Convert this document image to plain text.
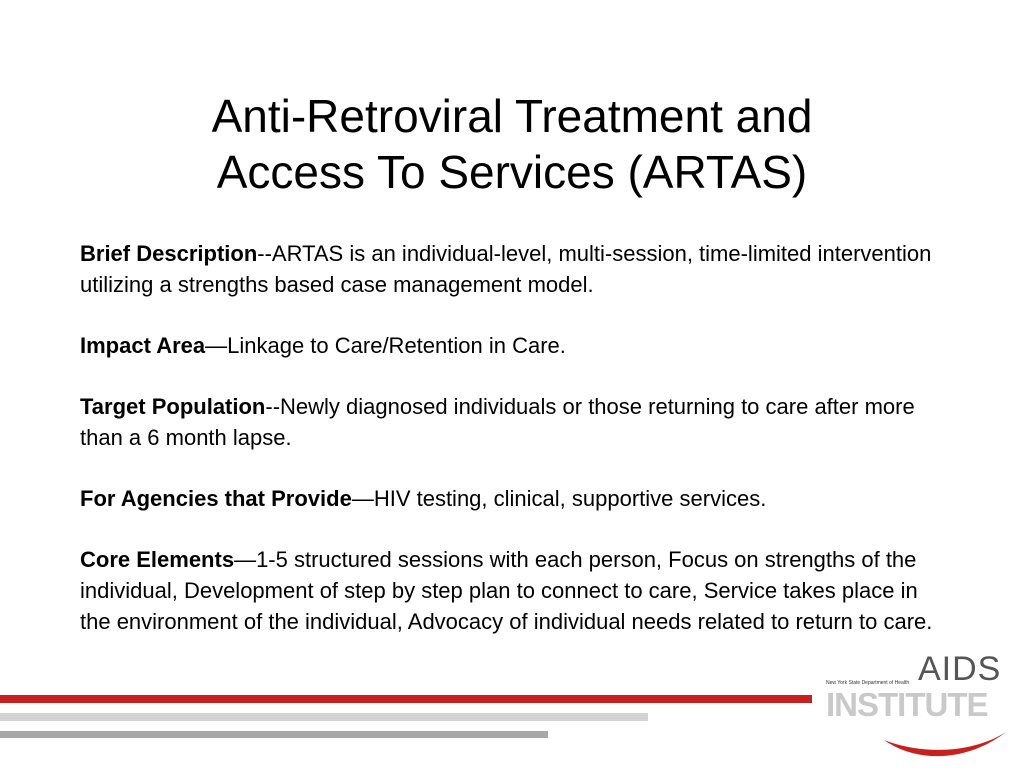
Anti-Retroviral Treatment and
Access To Services (ARTAS)

Brief Description--ARTAS is an individual-level, multi-session, time-limited intervention utilizing a strengths based case management model.

Impact Area—Linkage to Care/Retention in Care.

Target Population--Newly diagnosed individuals or those returning to care after more than a 6 month lapse.

For Agencies that Provide—HIV testing, clinical, supportive services.

Core Elements—1-5 structured sessions with each person, Focus on strengths of the individual, Development of step by step plan to connect to care, Service takes place in the environment of the individual, Advocacy of individual needs related to return to care.

AIDS
New York State Department of Health
INSTITUTE
